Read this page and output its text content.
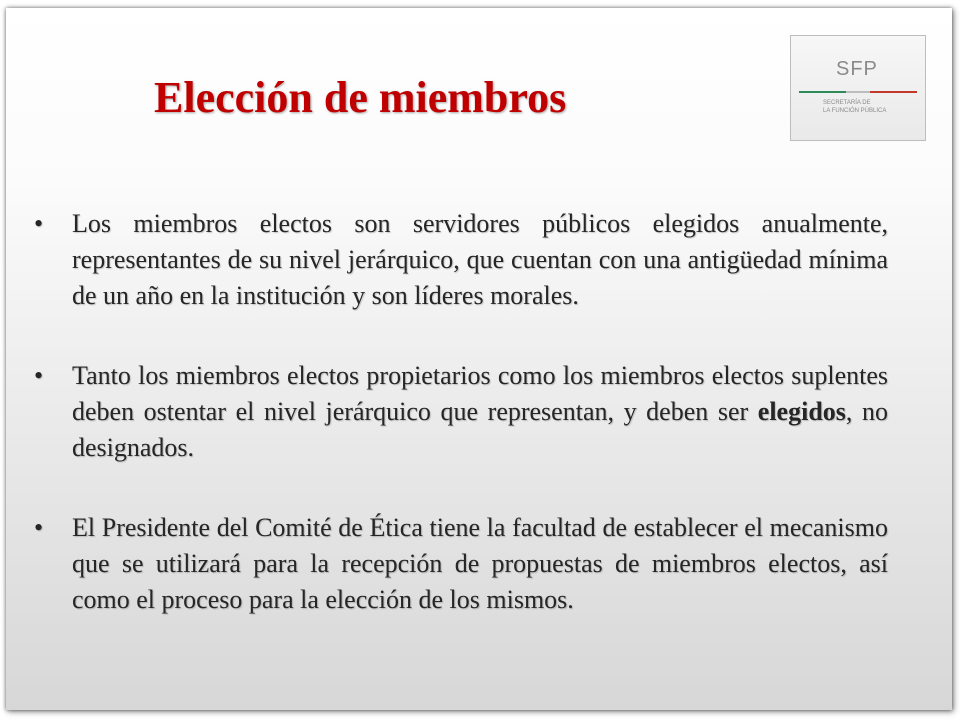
Elección de miembros
SFP
SECRETARÍA DE
LA FUNCIÓN PÚBLICA
• Los miembros electos son servidores públicos elegidos anualmente, representantes de su nivel jerárquico, que cuentan con una antigüedad mínima de un año en la institución y son líderes morales.
• Tanto los miembros electos propietarios como los miembros electos suplentes deben ostentar el nivel jerárquico que representan, y deben ser elegidos, no designados.
• El Presidente del Comité de Ética tiene la facultad de establecer el mecanismo que se utilizará para la recepción de propuestas de miembros electos, así como el proceso para la elección de los mismos.
